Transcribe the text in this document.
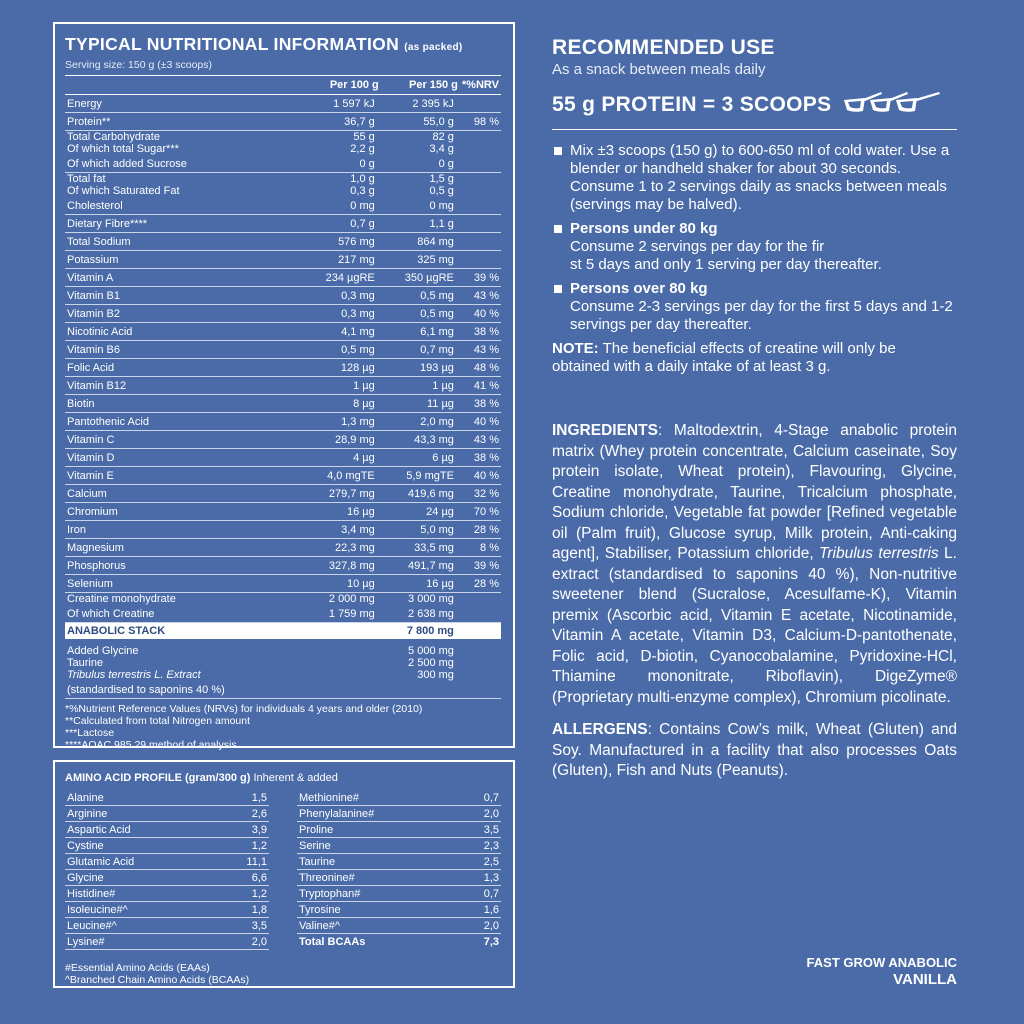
TYPICAL NUTRITIONAL INFORMATION (as packed)
Serving size: 150 g (±3 scoops)
	Per 100 g	Per 150 g	*%NRV
Energy	1 597 kJ	2 395 kJ	
Protein**	36,7 g	55,0 g	98 %
Total Carbohydrate	55 g	82 g	
Of which total Sugar***	2,2 g	3,4 g	
Of which added Sucrose	0 g	0 g	
Total fat	1,0 g	1,5 g	
Of which Saturated Fat	0,3 g	0,5 g	
Cholesterol	0 mg	0 mg	
Dietary Fibre****	0,7 g	1,1 g	
Total Sodium	576 mg	864 mg	
Potassium	217 mg	325 mg	
Vitamin A	234 µgRE	350 µgRE	39 %
Vitamin B1	0,3 mg	0,5 mg	43 %
Vitamin B2	0,3 mg	0,5 mg	40 %
Nicotinic Acid	4,1 mg	6,1 mg	38 %
Vitamin B6	0,5 mg	0,7 mg	43 %
Folic Acid	128 µg	193 µg	48 %
Vitamin B12	1 µg	1 µg	41 %
Biotin	8 µg	11 µg	38 %
Pantothenic Acid	1,3 mg	2,0 mg	40 %
Vitamin C	28,9 mg	43,3 mg	43 %
Vitamin D	4 µg	6 µg	38 %
Vitamin E	4,0 mgTE	5,9 mgTE	40 %
Calcium	279,7 mg	419,6 mg	32 %
Chromium	16 µg	24 µg	70 %
Iron	3,4 mg	5,0 mg	28 %
Magnesium	22,3 mg	33,5 mg	8 %
Phosphorus	327,8 mg	491,7 mg	39 %
Selenium	10 µg	16 µg	28 %
Creatine monohydrate	2 000 mg	3 000 mg	
Of which Creatine	1 759 mg	2 638 mg	
ANABOLIC STACK		7 800 mg	
Added Glycine		5 000 mg	
Taurine		2 500 mg	
Tribulus terrestris L. Extract		300 mg	
(standardised to saponins 40 %)			
*%Nutrient Reference Values (NRVs) for individuals 4 years and older (2010)
**Calculated from total Nitrogen amount
***Lactose
****AOAC 985.29 method of analysis
AMINO ACID PROFILE (gram/300 g) Inherent & added
Alanine	1,5
Arginine	2,6
Aspartic Acid	3,9
Cystine	1,2
Glutamic Acid	11,1
Glycine	6,6
Histidine#	1,2
Isoleucine#^	1,8
Leucine#^	3,5
Lysine#	2,0
Methionine#	0,7
Phenylalanine#	2,0
Proline	3,5
Serine	2,3
Taurine	2,5
Threonine#	1,3
Tryptophan#	0,7
Tyrosine	1,6
Valine#^	2,0
Total BCAAs	7,3
#Essential Amino Acids (EAAs)
^Branched Chain Amino Acids (BCAAs)
RECOMMENDED USE
As a snack between meals daily
55 g PROTEIN = 3 SCOOPS
Mix ±3 scoops (150 g) to 600-650 ml of cold water. Use a blender or handheld shaker for about 30 seconds. Consume 1 to 2 servings daily as snacks between meals (servings may be halved).
Persons under 80 kg
Consume 2 servings per day for the fir
st 5 days and only 1 serving per day thereafter.
Persons over 80 kg
Consume 2-3 servings per day for the first 5 days and 1-2 servings per day thereafter.
NOTE: The beneficial effects of creatine will only be obtained with a daily intake of at least 3 g.
INGREDIENTS: Maltodextrin, 4-Stage anabolic protein matrix (Whey protein concentrate, Calcium caseinate, Soy protein isolate, Wheat protein), Flavouring, Glycine, Creatine monohydrate, Taurine, Tricalcium phosphate, Sodium chloride, Vegetable fat powder [Refined vegetable oil (Palm fruit), Glucose syrup, Milk protein, Anti-caking agent], Stabiliser, Potassium chloride, Tribulus terrestris L. extract (standardised to saponins 40 %), Non-nutritive sweetener blend (Sucralose, Acesulfame-K), Vitamin premix (Ascorbic acid, Vitamin E acetate, Nicotinamide, Vitamin A acetate, Vitamin D3, Calcium-D-pantothenate, Folic acid, D-biotin, Cyanocobalamine, Pyridoxine-HCl, Thiamine mononitrate, Riboflavin), DigeZyme® (Proprietary multi-enzyme complex), Chromium picolinate.
ALLERGENS: Contains Cow’s milk, Wheat (Gluten) and Soy. Manufactured in a facility that also processes Oats (Gluten), Fish and Nuts (Peanuts).
FAST GROW ANABOLIC
VANILLA
